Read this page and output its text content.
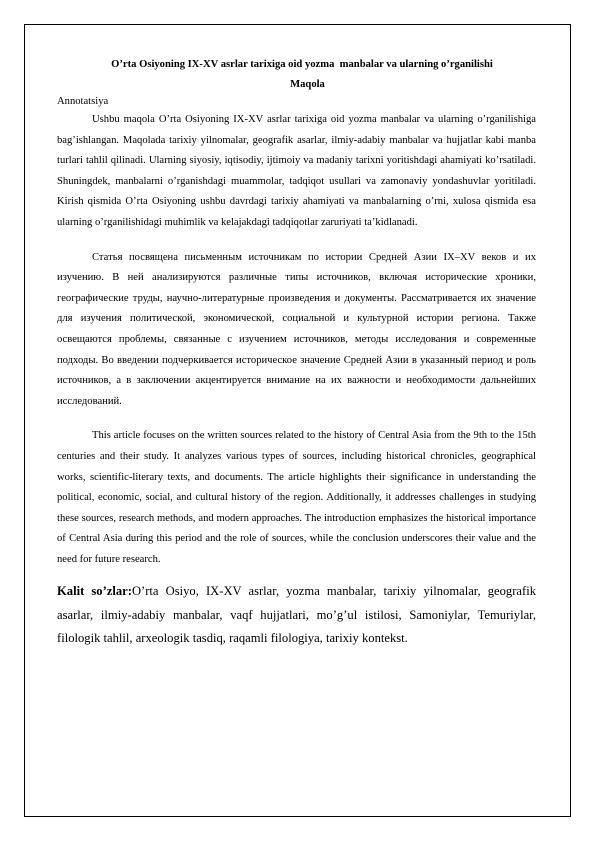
O’rta Osiyoning IX-XV asrlar tarixiga oid yozma  manbalar va ularning o’rganilishi
Maqola
Annotatsiya

Ushbu maqola O’rta Osiyoning IX-XV asrlar tarixiga oid yozma manbalar va ularning o’rganilishiga bag’ishlangan. Maqolada tarixiy yilnomalar, geografik asarlar, ilmiy-adabiy manbalar va hujjatlar kabi manba turlari tahlil qilinadi. Ularning siyosiy, iqtisodiy, ijtimoiy va madaniy tarixni yoritishdagi ahamiyati ko’rsatiladi. Shuningdek, manbalarni o’rganishdagi muammolar, tadqiqot usullari va zamonaviy yondashuvlar yoritiladi. Kirish qismida O’rta Osiyoning ushbu davrdagi tarixiy ahamiyati va manbalarning o’rni, xulosa qismida esa ularning o’rganilishidagi muhimlik va kelajakdagi tadqiqotlar zaruriyati ta’kidlanadi.

Статья посвящена письменным источникам по истории Средней Азии IX–XV веков и их изучению. В ней анализируются различные типы источников, включая исторические хроники, географические труды, научно-литературные произведения и документы. Рассматривается их значение для изучения политической, экономической, социальной и культурной истории региона. Также освещаются проблемы, связанные с изучением источников, методы исследования и современные подходы. Во введении подчеркивается историческое значение Средней Азии в указанный период и роль источников, а в заключении акцентируется внимание на их важности и необходимости дальнейших исследований.

This article focuses on the written sources related to the history of Central Asia from the 9th to the 15th centuries and their study. It analyzes various types of sources, including historical chronicles, geographical works, scientific-literary texts, and documents. The article highlights their significance in understanding the political, economic, social, and cultural history of the region. Additionally, it addresses challenges in studying these sources, research methods, and modern approaches. The introduction emphasizes the historical importance of Central Asia during this period and the role of sources, while the conclusion underscores their value and the need for future research.

Kalit so’zlar:O’rta Osiyo, IX-XV asrlar, yozma manbalar, tarixiy yilnomalar, geografik asarlar, ilmiy-adabiy manbalar, vaqf hujjatlari, mo’g’ul istilosi, Samoniylar, Temuriylar, filologik tahlil, arxeologik tasdiq, raqamli filologiya, tarixiy kontekst.
